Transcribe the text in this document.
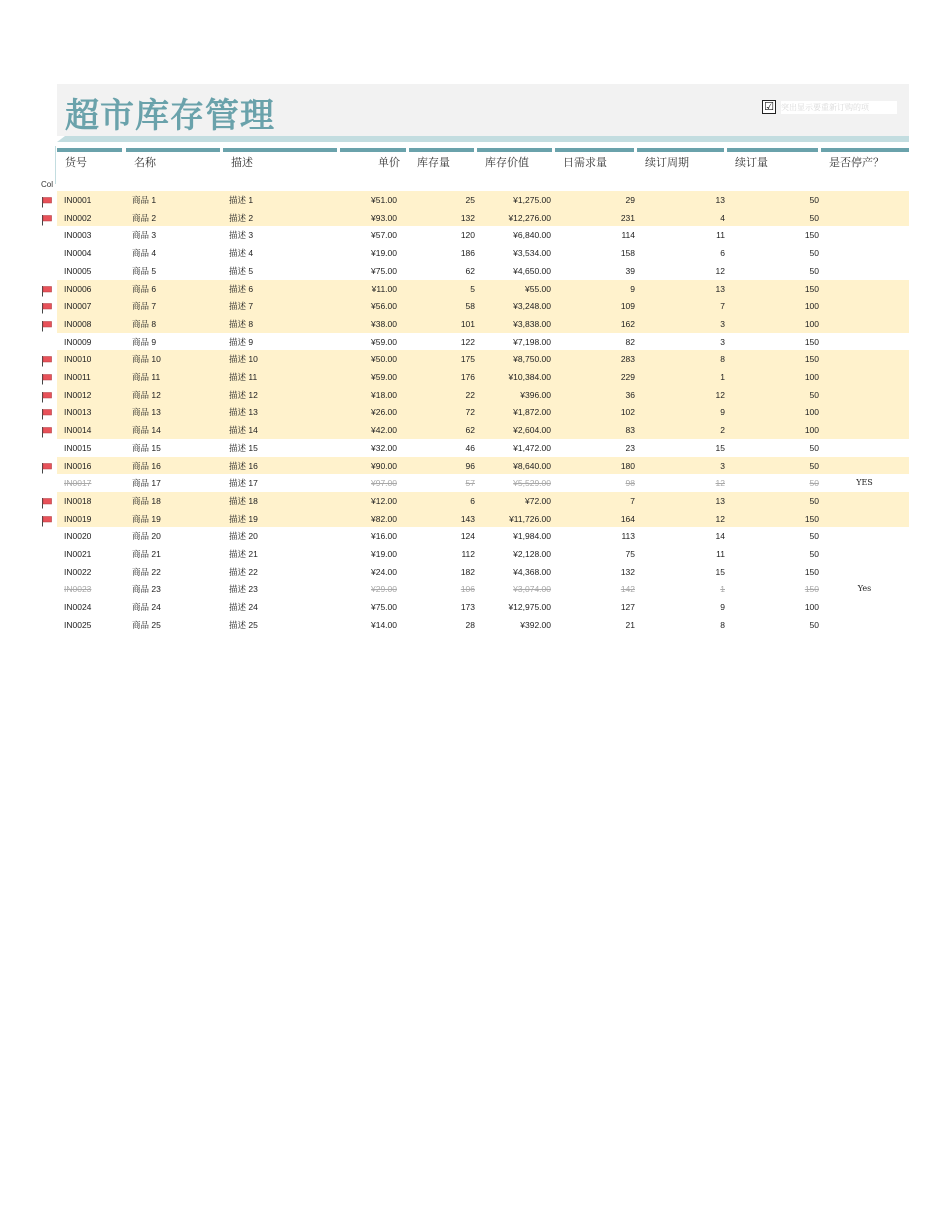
超市库存管理	☑ 突出显示要重新订购的项
Col
货号	名称	描述	单价	库存量	库存价值	日需求量	续订周期	续订量	是否停产？
IN0001	商品 1	描述 1	¥51.00	25	¥1,275.00	29	13	50
IN0002	商品 2	描述 2	¥93.00	132	¥12,276.00	231	4	50
IN0003	商品 3	描述 3	¥57.00	120	¥6,840.00	114	11	150
IN0004	商品 4	描述 4	¥19.00	186	¥3,534.00	158	6	50
IN0005	商品 5	描述 5	¥75.00	62	¥4,650.00	39	12	50
IN0006	商品 6	描述 6	¥11.00	5	¥55.00	9	13	150
IN0007	商品 7	描述 7	¥56.00	58	¥3,248.00	109	7	100
IN0008	商品 8	描述 8	¥38.00	101	¥3,838.00	162	3	100
IN0009	商品 9	描述 9	¥59.00	122	¥7,198.00	82	3	150
IN0010	商品 10	描述 10	¥50.00	175	¥8,750.00	283	8	150
IN0011	商品 11	描述 11	¥59.00	176	¥10,384.00	229	1	100
IN0012	商品 12	描述 12	¥18.00	22	¥396.00	36	12	50
IN0013	商品 13	描述 13	¥26.00	72	¥1,872.00	102	9	100
IN0014	商品 14	描述 14	¥42.00	62	¥2,604.00	83	2	100
IN0015	商品 15	描述 15	¥32.00	46	¥1,472.00	23	15	50
IN0016	商品 16	描述 16	¥90.00	96	¥8,640.00	180	3	50
IN0017	商品 17	描述 17	¥97.00	57	¥5,529.00	98	12	50	YES
IN0018	商品 18	描述 18	¥12.00	6	¥72.00	7	13	50
IN0019	商品 19	描述 19	¥82.00	143	¥11,726.00	164	12	150
IN0020	商品 20	描述 20	¥16.00	124	¥1,984.00	113	14	50
IN0021	商品 21	描述 21	¥19.00	112	¥2,128.00	75	11	50
IN0022	商品 22	描述 22	¥24.00	182	¥4,368.00	132	15	150
IN0023	商品 23	描述 23	¥29.00	106	¥3,074.00	142	1	150	Yes
IN0024	商品 24	描述 24	¥75.00	173	¥12,975.00	127	9	100
IN0025	商品 25	描述 25	¥14.00	28	¥392.00	21	8	50
